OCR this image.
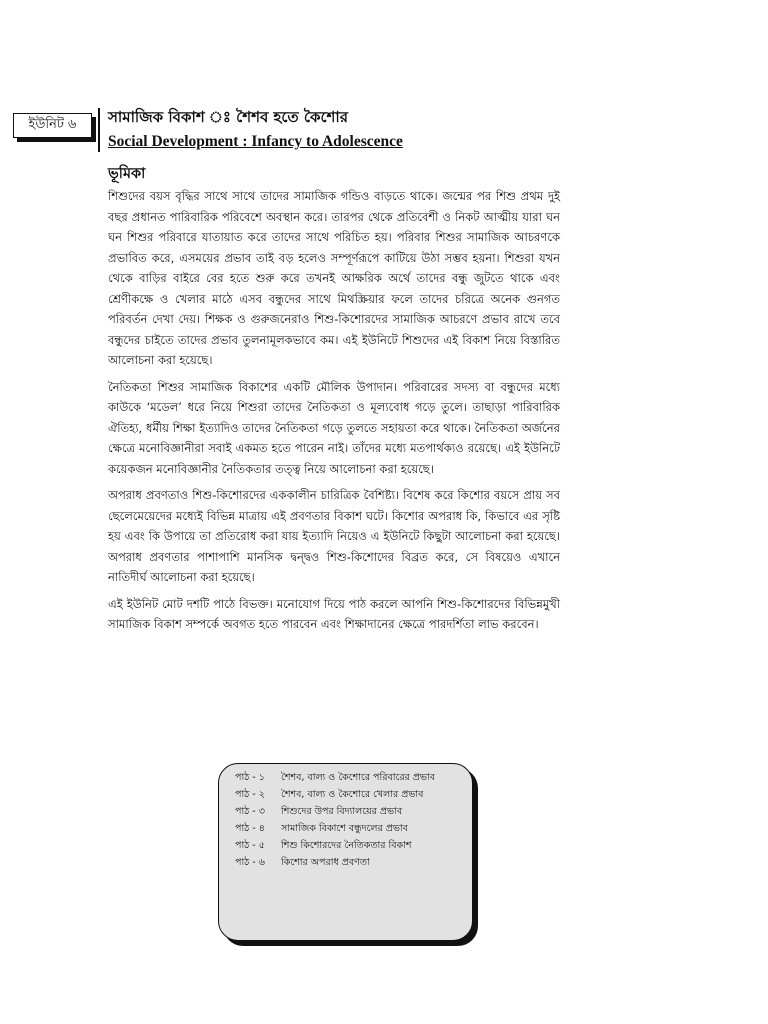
ইউনিট ৬	সামাজিক বিকাশ ঃ শৈশব হতে কৈশোর
Social Development : Infancy to Adolescence
ভূমিকা

শিশুদের বয়স বৃদ্ধির সাথে সাথে তাদের সামাজিক গন্ডিও বাড়তে থাকে। জন্মের পর শিশু প্রথম দুই বছর প্রধানত পারিবারিক পরিবেশে অবস্থান করে। তারপর থেকে প্রতিবেশী ও নিকট আত্মীয় যারা ঘন ঘন শিশুর পরিবারে যাতায়াত করে তাদের সাথে পরিচিত হয়। পরিবার শিশুর সামাজিক আচরণকে প্রভাবিত করে, এসময়ের প্রভাব তাই বড় হলেও সম্পূর্ণরূপে কাটিয়ে উঠা সম্ভব হয়না। শিশুরা যখন থেকে বাড়ির বাইরে বের হতে শুরু করে তখনই আক্ষরিক অর্থে তাদের বন্ধু জুটতে থাকে এবং শ্রেণীকক্ষে ও খেলার মাঠে এসব বন্ধুদের সাথে মিথস্ক্রিয়ার ফলে তাদের চরিত্রে অনেক গুনগত পরিবর্তন দেখা দেয়। শিক্ষক ও গুরুজনেরাও শিশু-কিশোরদের সামাজিক আচরণে প্রভাব রাখে তবে বন্ধুদের চাইতে তাদের প্রভাব তুলনামূলকভাবে কম। এই ইউনিটে শিশুদের এই বিকাশ নিয়ে বিস্তারিত আলোচনা করা হয়েছে।

নৈতিকতা শিশুর সামাজিক বিকাশের একটি মৌলিক উপাদান। পরিবারের সদস্য বা বন্ধুদের মধ্যে কাউকে ‘মডেল’ ধরে নিয়ে শিশুরা তাদের নৈতিকতা ও মূল্যবোধ গড়ে তুলে। তাছাড়া পারিবারিক ঐতিহ্য, ধর্মীয় শিক্ষা ইত্যাদিও তাদের নৈতিকতা গড়ে তুলতে সহায়তা করে থাকে। নৈতিকতা অর্জনের ক্ষেত্রে মনোবিজ্ঞানীরা সবাই একমত হতে পারেন নাই। তাঁদের মধ্যে মতপার্থক্যও রয়েছে। এই ইউনিটে কয়েকজন মনোবিজ্ঞানীর নৈতিকতার তত্ত্ব নিয়ে আলোচনা করা হয়েছে।

অপরাধ প্রবণতাও শিশু-কিশোরদের এককালীন চারিত্রিক বৈশিষ্ট্য। বিশেষ করে কিশোর বয়সে প্রায় সব ছেলেমেয়েদের মধ্যেই বিভিন্ন মাত্রায় এই প্রবণতার বিকাশ ঘটে। কিশোর অপরাধ কি, কিভাবে এর সৃষ্টি হয় এবং কি উপায়ে তা প্রতিরোধ করা যায় ইত্যাদি নিয়েও এ ইউনিটে কিছুটা আলোচনা করা হয়েছে। অপরাধ প্রবণতার পাশাপাশি মানসিক দ্বন্দ্বও শিশু-কিশোদের বিব্রত করে, সে বিষয়েও এখানে নাতিদীর্ঘ আলোচনা করা হয়েছে।

এই ইউনিট মোট দশটি পাঠে বিভক্ত। মনোযোগ দিয়ে পাঠ করলে আপনি শিশু-কিশোরদের বিভিন্নমুখী সামাজিক বিকাশ সম্পর্কে অবগত হতে পারবেন এবং শিক্ষাদানের ক্ষেত্রে পারদর্শিতা লাভ করবেন।

পাঠ - ১	শৈশব, বাল্য ও কৈশোরে পরিবারের প্রভাব
পাঠ - ২	শৈশব, বাল্য ও কৈশোরে খেলার প্রভাব
পাঠ - ৩	শিশুদের উপর বিদ্যালয়ের প্রভাব
পাঠ - ৪	সামাজিক বিকাশে বন্ধুদলের প্রভাব
পাঠ - ৫	শিশু কিশোরদের নৈতিকতার বিকাশ
পাঠ - ৬	কিশোর অপরাধ প্রবণতা
